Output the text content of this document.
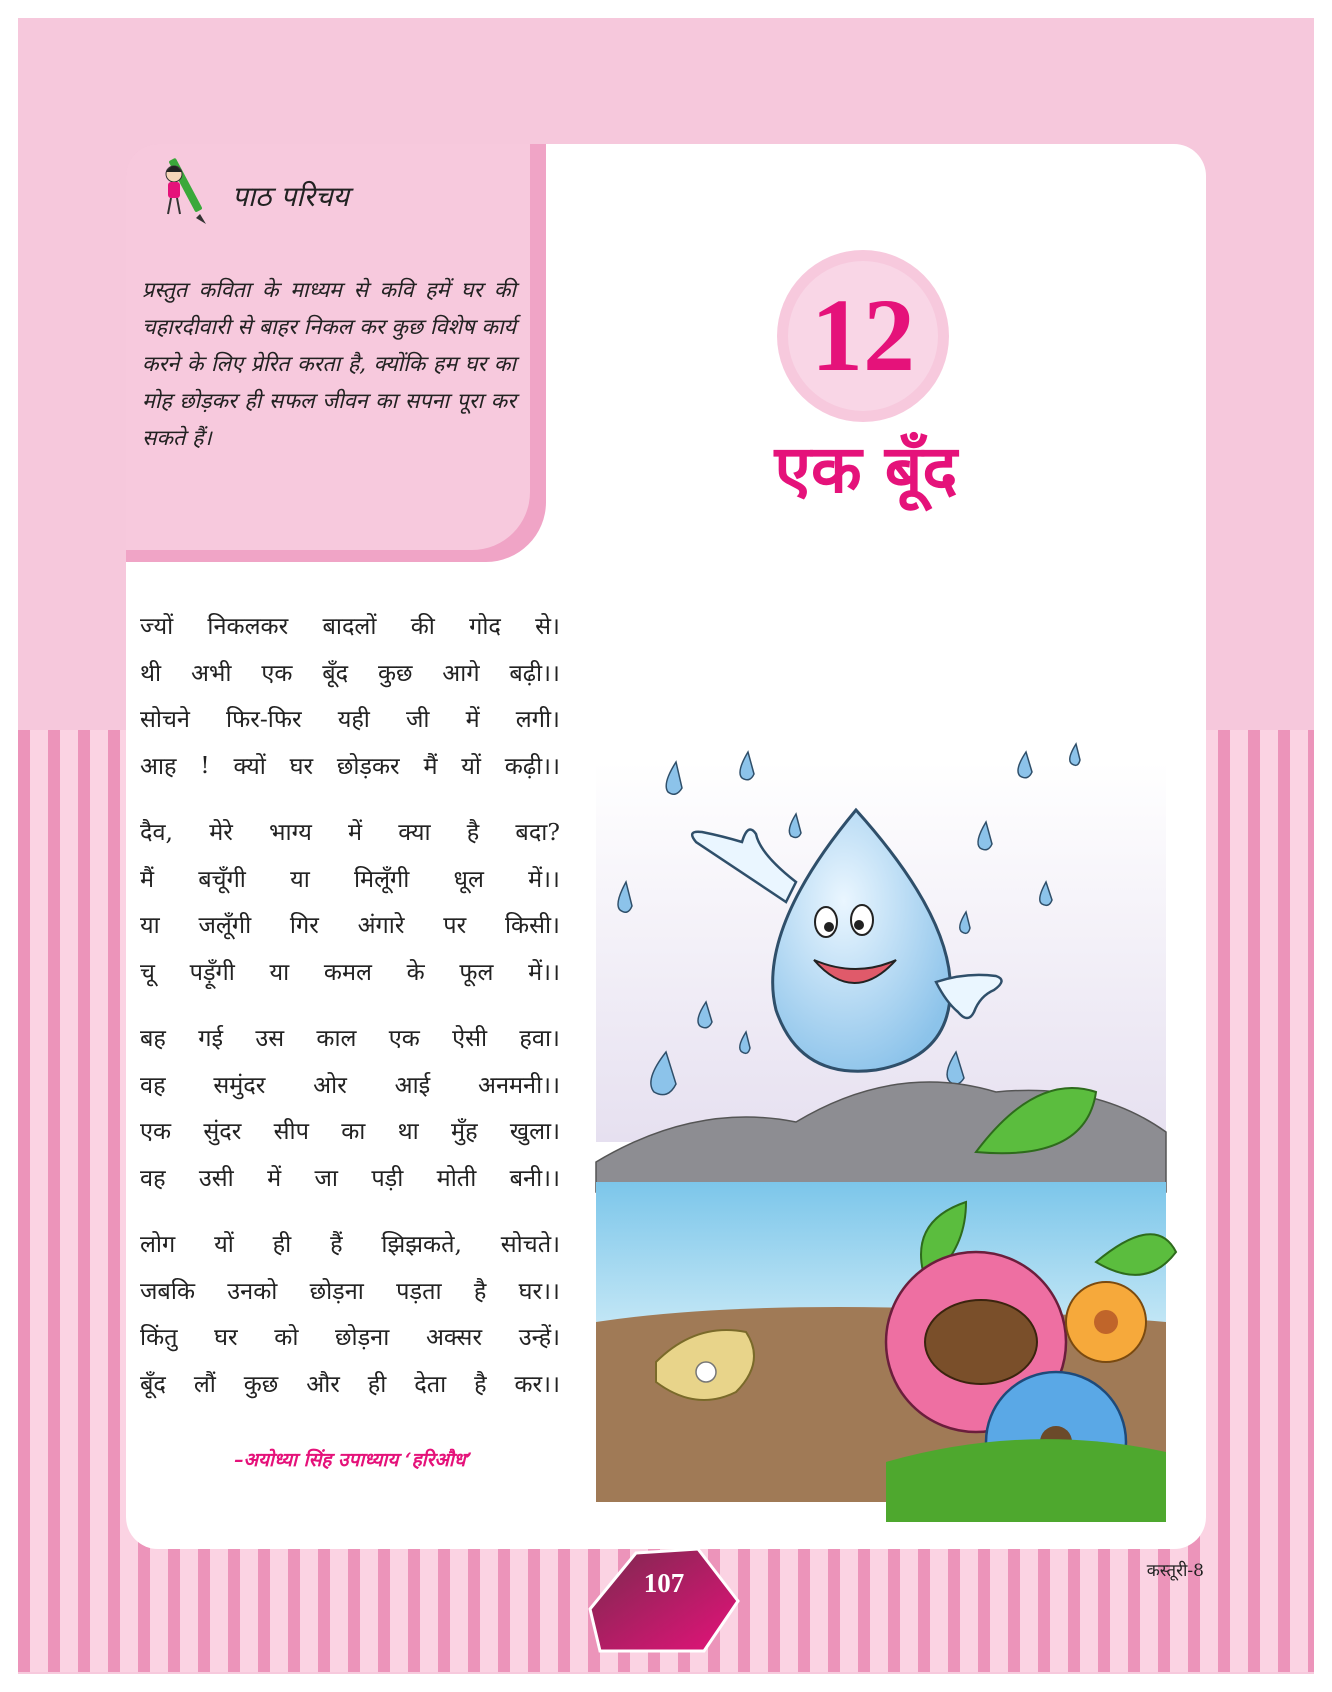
पाठ परिचय
प्रस्तुत कविता के माध्यम से कवि हमें घर की चहारदीवारी से बाहर निकल कर कुछ विशेष कार्य करने के लिए प्रेरित करता है, क्योंकि हम घर का मोह छोड़कर ही सफल जीवन का सपना पूरा कर सकते हैं।
12
एक बूँद
ज्यों निकलकर बादलों की गोद से।
थी अभी एक बूँद कुछ आगे बढ़ी।।
सोचने फिर-फिर यही जी में लगी।
आह ! क्यों घर छोड़कर मैं यों कढ़ी।।
दैव, मेरे भाग्य में क्या है बदा?
मैं बचूँगी या मिलूँगी धूल में।।
या जलूँगी गिर अंगारे पर किसी।
चू पड़ूँगी या कमल के फूल में।।
बह गई उस काल एक ऐसी हवा।
वह समुंदर ओर आई अनमनी।।
एक सुंदर सीप का था मुँह खुला।
वह उसी में जा पड़ी मोती बनी।।
लोग यों ही हैं झिझकते, सोचते।
जबकि उनको छोड़ना पड़ता है घर।।
किंतु घर को छोड़ना अक्सर उन्हें।
बूँद लौं कुछ और ही देता है कर।।
–अयोध्या सिंह उपाध्याय ‘हरिऔध’
107	कस्तूरी-8
